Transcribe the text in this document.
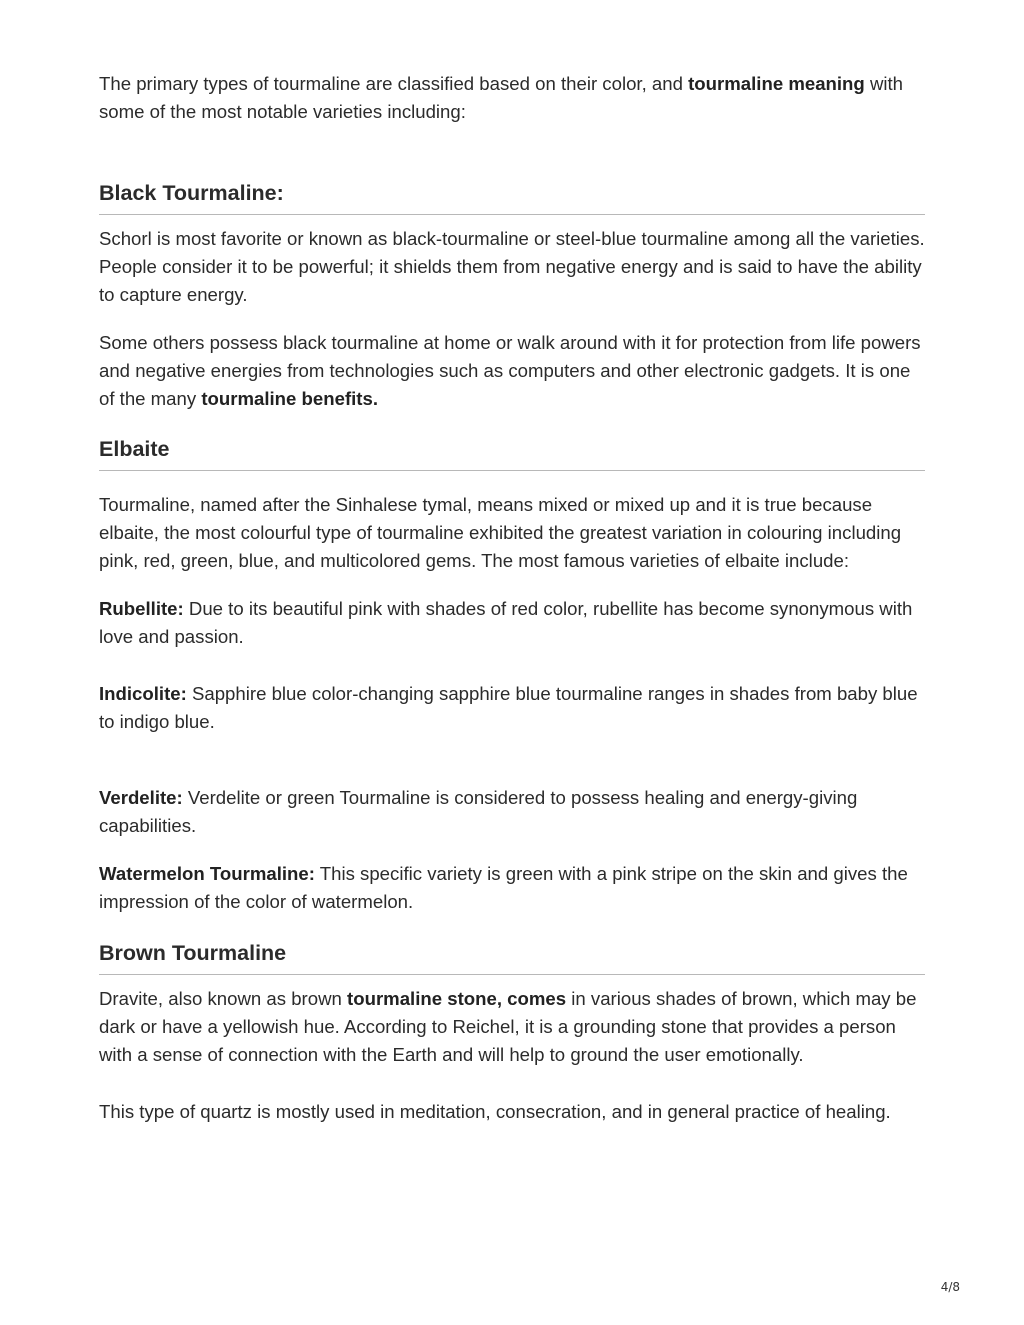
The primary types of tourmaline are classified based on their color, and tourmaline meaning with some of the most notable varieties including:

Black Tourmaline:

Schorl is most favorite or known as black-tourmaline or steel-blue tourmaline among all the varieties. People consider it to be powerful; it shields them from negative energy and is said to have the ability to capture energy.

Some others possess black tourmaline at home or walk around with it for protection from life powers and negative energies from technologies such as computers and other electronic gadgets. It is one of the many tourmaline benefits.

Elbaite

Tourmaline, named after the Sinhalese tymal, means mixed or mixed up and it is true because elbaite, the most colourful type of tourmaline exhibited the greatest variation in colouring including pink, red, green, blue, and multicolored gems. The most famous varieties of elbaite include:

Rubellite: Due to its beautiful pink with shades of red color, rubellite has become synonymous with love and passion.

Indicolite: Sapphire blue color-changing sapphire blue tourmaline ranges in shades from baby blue to indigo blue.

Verdelite: Verdelite or green Tourmaline is considered to possess healing and energy-giving capabilities.

Watermelon Tourmaline: This specific variety is green with a pink stripe on the skin and gives the impression of the color of watermelon.

Brown Tourmaline

Dravite, also known as brown tourmaline stone, comes in various shades of brown, which may be dark or have a yellowish hue. According to Reichel, it is a grounding stone that provides a person with a sense of connection with the Earth and will help to ground the user emotionally.

This type of quartz is mostly used in meditation, consecration, and in general practice of healing.

4/8
